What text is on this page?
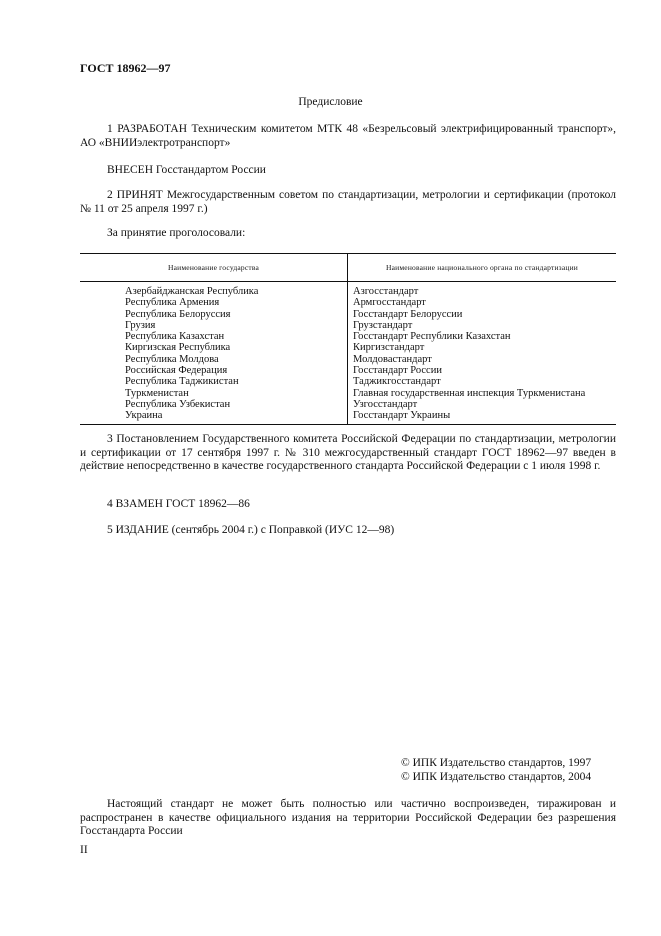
ГОСТ 18962—97
Предисловие
1 РАЗРАБОТАН Техническим комитетом МТК 48 «Безрельсовый электрифицированный транспорт», АО «ВНИИэлектротранспорт»
ВНЕСЕН Госстандартом России
2 ПРИНЯТ Межгосударственным советом по стандартизации, метрологии и сертификации (протокол № 11 от 25 апреля 1997 г.)
За принятие проголосовали:
Наименование государства	Наименование национального органа по стандартизации
Азербайджанская Республика	Азгосстандарт
Республика Армения	Армгосстандарт
Республика Белоруссия	Госстандарт Белоруссии
Грузия	Грузстандарт
Республика Казахстан	Госстандарт Республики Казахстан
Киргизская Республика	Киргизстандарт
Республика Молдова	Молдовастандарт
Российская Федерация	Госстандарт России
Республика Таджикистан	Таджикгосстандарт
Туркменистан	Главная государственная инспекция Туркменистана
Республика Узбекистан	Узгосстандарт
Украина	Госстандарт Украины
3 Постановлением Государственного комитета Российской Федерации по стандартизации, метрологии и сертификации от 17 сентября 1997 г. № 310 межгосударственный стандарт ГОСТ 18962—97 введен в действие непосредственно в качестве государственного стандарта Российской Федерации с 1 июля 1998 г.
4 ВЗАМЕН ГОСТ 18962—86
5 ИЗДАНИЕ (сентябрь 2004 г.) с Поправкой (ИУС 12—98)
© ИПК Издательство стандартов, 1997
© ИПК Издательство стандартов, 2004
Настоящий стандарт не может быть полностью или частично воспроизведен, тиражирован и распространен в качестве официального издания на территории Российской Федерации без разрешения Госстандарта России
II
